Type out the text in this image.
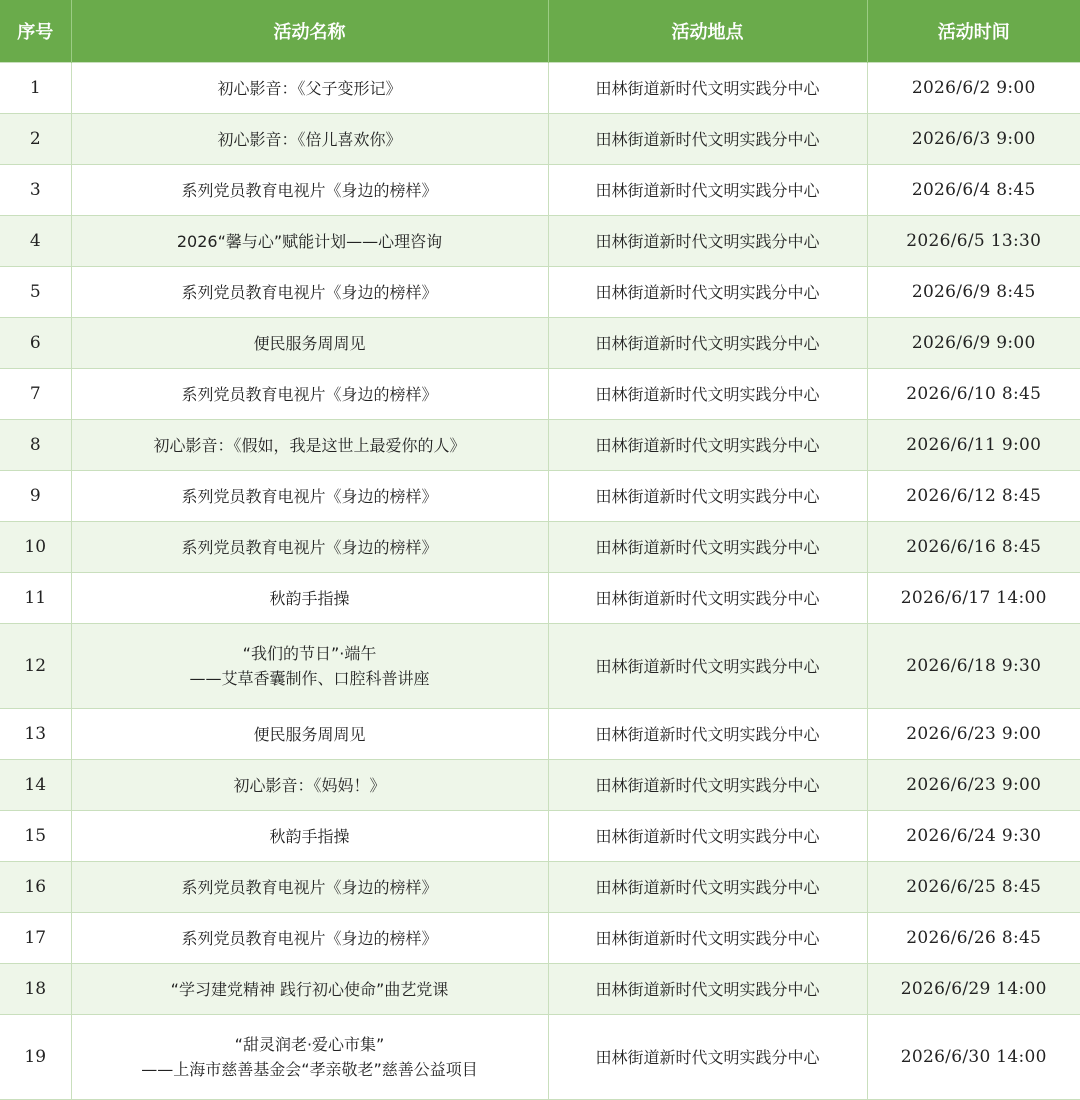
序号	活动名称	活动地点	活动时间
1	初心影音：《父子变形记》	田林街道新时代文明实践分中心	2026/6/2 9:00
2	初心影音：《倍儿喜欢你》	田林街道新时代文明实践分中心	2026/6/3 9:00
3	系列党员教育电视片《身边的榜样》	田林街道新时代文明实践分中心	2026/6/4 8:45
4	2026“馨与心”赋能计划——心理咨询	田林街道新时代文明实践分中心	2026/6/5 13:30
5	系列党员教育电视片《身边的榜样》	田林街道新时代文明实践分中心	2026/6/9 8:45
6	便民服务周周见	田林街道新时代文明实践分中心	2026/6/9 9:00
7	系列党员教育电视片《身边的榜样》	田林街道新时代文明实践分中心	2026/6/10 8:45
8	初心影音：《假如，我是这世上最爱你的人》	田林街道新时代文明实践分中心	2026/6/11 9:00
9	系列党员教育电视片《身边的榜样》	田林街道新时代文明实践分中心	2026/6/12 8:45
10	系列党员教育电视片《身边的榜样》	田林街道新时代文明实践分中心	2026/6/16 8:45
11	秋韵手指操	田林街道新时代文明实践分中心	2026/6/17 14:00
12	“我们的节日”·端午
——艾草香囊制作、口腔科普讲座	田林街道新时代文明实践分中心	2026/6/18 9:30
13	便民服务周周见	田林街道新时代文明实践分中心	2026/6/23 9:00
14	初心影音：《妈妈！》	田林街道新时代文明实践分中心	2026/6/23 9:00
15	秋韵手指操	田林街道新时代文明实践分中心	2026/6/24 9:30
16	系列党员教育电视片《身边的榜样》	田林街道新时代文明实践分中心	2026/6/25 8:45
17	系列党员教育电视片《身边的榜样》	田林街道新时代文明实践分中心	2026/6/26 8:45
18	“学习建党精神 践行初心使命”曲艺党课	田林街道新时代文明实践分中心	2026/6/29 14:00
19	“甜灵润老·爱心市集”
——上海市慈善基金会“孝亲敬老”慈善公益项目	田林街道新时代文明实践分中心	2026/6/30 14:00
